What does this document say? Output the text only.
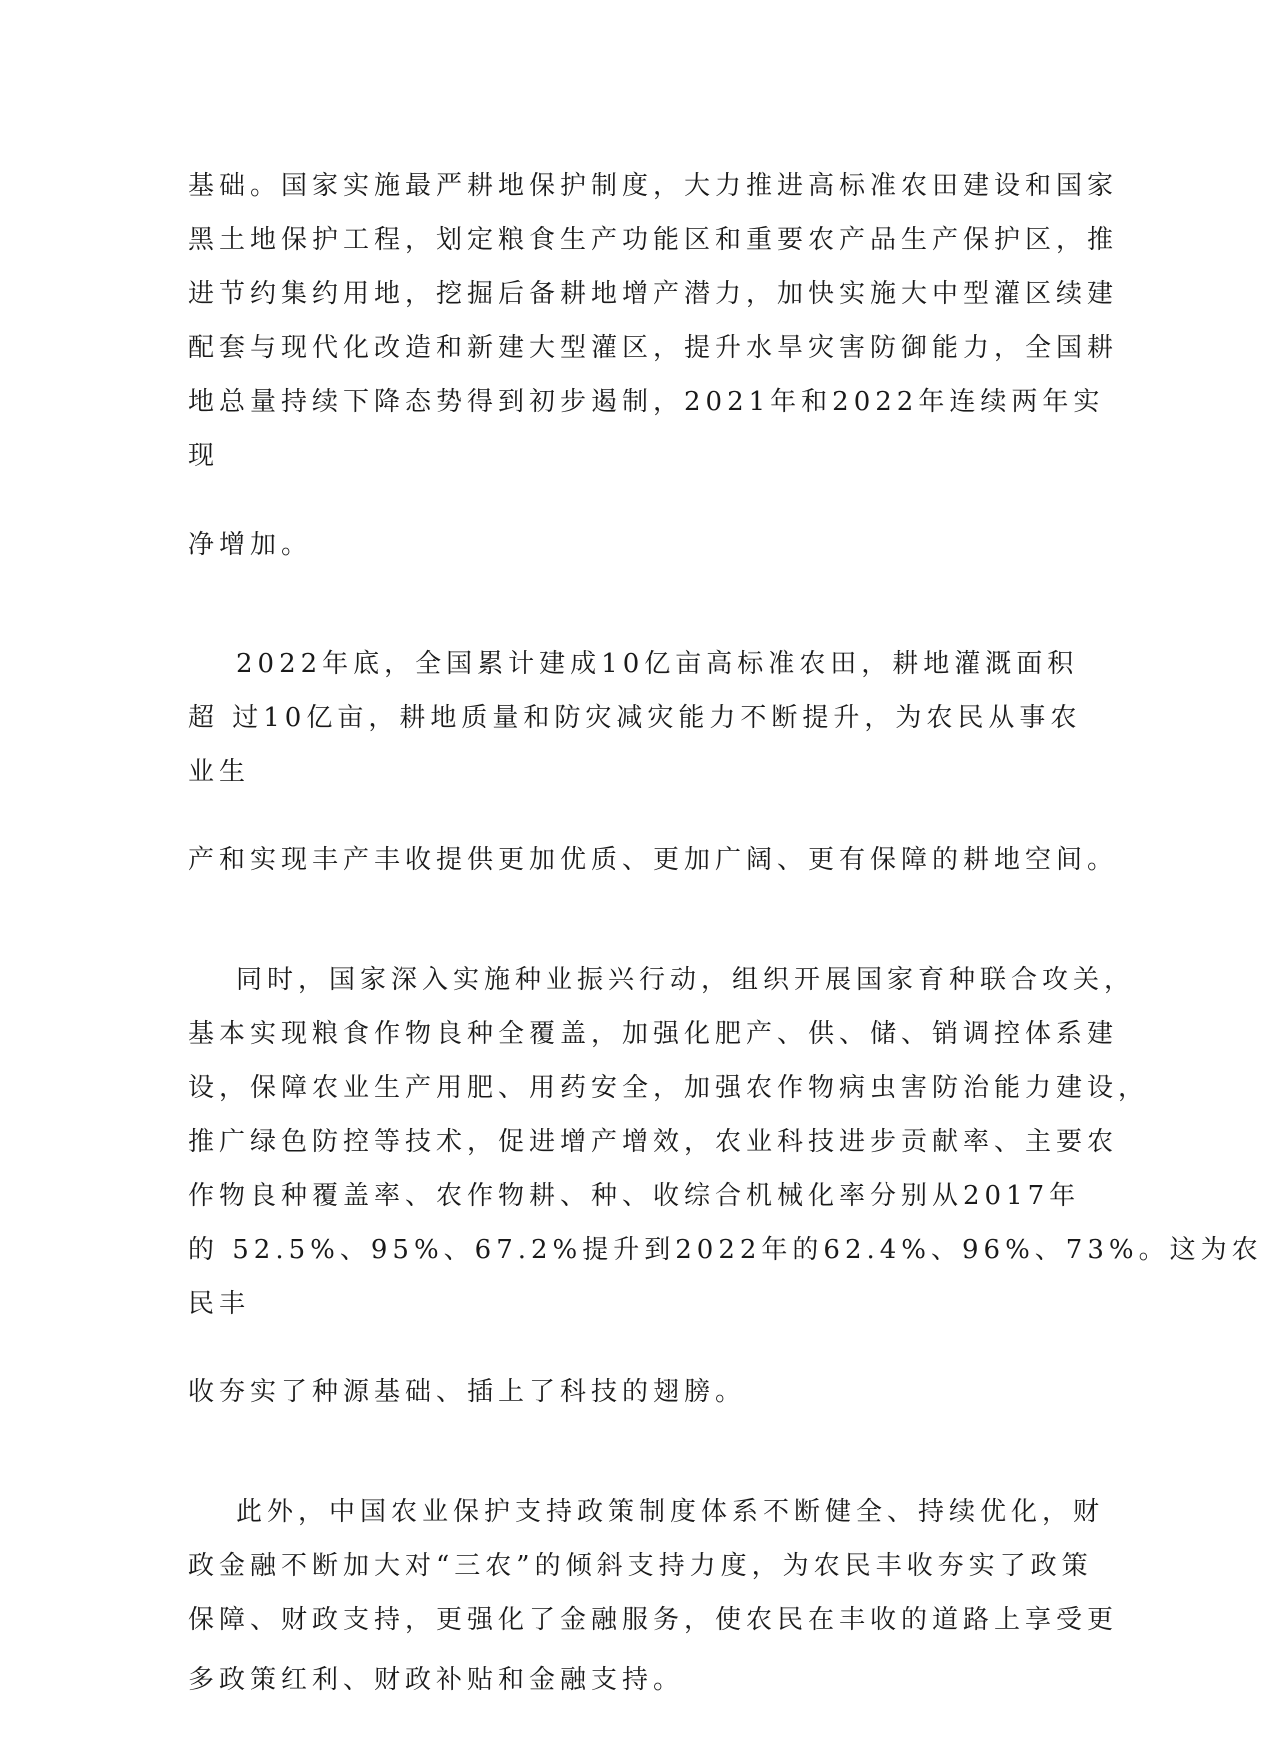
基础。国家实施最严耕地保护制度，大力推进高标准农田建设和国家
黑土地保护工程，划定粮食生产功能区和重要农产品生产保护区，推
进节约集约用地，挖掘后备耕地增产潜力，加快实施大中型灌区续建
配套与现代化改造和新建大型灌区，提升水旱灾害防御能力，全国耕
地总量持续下降态势得到初步遏制，2021年和2022年连续两年实
现
净增加。
2022年底，全国累计建成10亿亩高标准农田，耕地灌溉面积
超 过10亿亩，耕地质量和防灾减灾能力不断提升，为农民从事农
业生
产和实现丰产丰收提供更加优质、更加广阔、更有保障的耕地空间。
同时，国家深入实施种业振兴行动，组织开展国家育种联合攻关，
基本实现粮食作物良种全覆盖，加强化肥产、供、储、销调控体系建
设，保障农业生产用肥、用药安全，加强农作物病虫害防治能力建设，
推广绿色防控等技术，促进增产增效，农业科技进步贡献率、主要农
作物良种覆盖率、农作物耕、种、收综合机械化率分别从2017年
的 52.5%、95%、67.2%提升到2022年的62.4%、96%、73%。这为农
民丰
收夯实了种源基础、插上了科技的翅膀。
此外，中国农业保护支持政策制度体系不断健全、持续优化，财
政金融不断加大对“三农”的倾斜支持力度，为农民丰收夯实了政策
保障、财政支持，更强化了金融服务，使农民在丰收的道路上享受更
多政策红利、财政补贴和金融支持。
